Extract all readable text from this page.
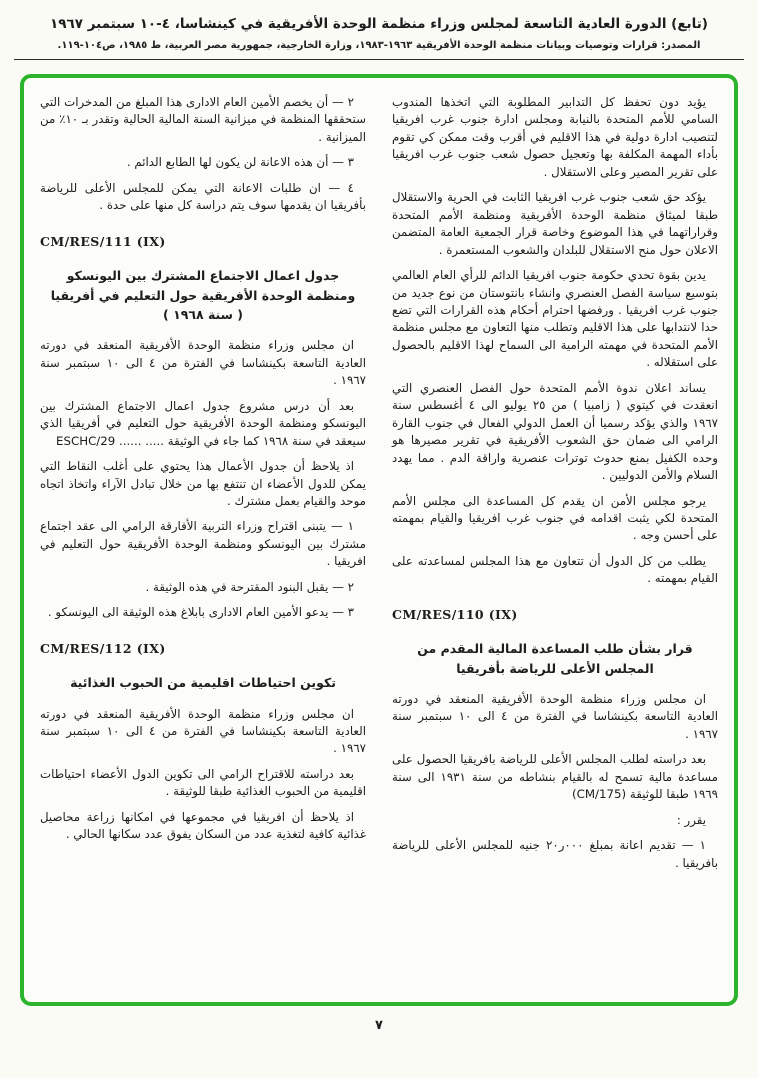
(تابع) الدورة العادية التاسعة لمجلس وزراء منظمة الوحدة الأفريقية في كينشاسا، ٤-١٠ سبتمبر ١٩٦٧
المصدر: قرارات وتوصيات وبيانات منظمة الوحدة الأفريقية ١٩٦٣-١٩٨٣، وزارة الخارجية، جمهورية مصر العربية، ط ١٩٨٥، ص١٠٤-١١٩.

يؤيد دون تحفظ كل التدابير المطلوبة التي اتخذها المندوب السامي للأمم المتحدة بالنيابة ومجلس ادارة جنوب غرب افريقيا لتنصيب ادارة دولية في هذا الاقليم في أقرب وقت ممكن كي تقوم بأداء المهمة المكلفة بها وتعجيل حصول شعب جنوب غرب افريقيا على تقرير المصير وعلى الاستقلال .

يؤكد حق شعب جنوب غرب افريقيا الثابت في الحرية والاستقلال طبقا لميثاق منظمة الوحدة الأفريقية ومنظمة الأمم المتحدة وقراراتهما في هذا الموضوع وخاصة قرار الجمعية العامة المتضمن الاعلان حول منح الاستقلال للبلدان والشعوب المستعمرة .

يدين بقوة تحدي حكومة جنوب افريقيا الدائم للرأي العام العالمي بتوسيع سياسة الفصل العنصري وانشاء بانتوستان من نوع جديد من جنوب غرب افريقيا . ورفضها احترام أحكام هذه القرارات التي تضع حدا لانتدابها على هذا الاقليم وتطلب منها التعاون مع مجلس منظمة الأمم المتحدة في مهمته الرامية الى السماح لهذا الاقليم بالحصول على استقلاله .

يساند اعلان ندوة الأمم المتحدة حول الفصل العنصري التي انعقدت في كيتوي ( زامبيا ) من ٢٥ يوليو الى ٤ أغسطس سنة ١٩٦٧ والذي يؤكد رسميا أن العمل الدولي الفعال في جنوب القارة الرامي الى ضمان حق الشعوب الأفريقية في تقرير مصيرها هو وحده الكفيل بمنع حدوث توترات عنصرية واراقة الدم . مما يهدد السلام والأمن الدوليين .

يرجو مجلس الأمن ان يقدم كل المساعدة الى مجلس الأمم المتحدة لكي يثبت اقدامه في جنوب غرب افريقيا والقيام بمهمته على أحسن وجه .

يطلب من كل الدول أن تتعاون مع هذا المجلس لمساعدته على القيام بمهمته .

CM/RES/110 (IX)
قرار بشأن طلب المساعدة المالية المقدم من المجلس الأعلى للرياضة بأفريقيا

ان مجلس وزراء منظمة الوحدة الأفريقية المنعقد في دورته العادية التاسعة بكينشاسا في الفترة من ٤ الى ١٠ سبتمبر سنة ١٩٦٧ .

بعد دراسته لطلب المجلس الأعلى للرياضة بافريقيا الحصول على مساعدة مالية تسمح له بالقيام بنشاطه من سنة ١٩٣١ الى سنة ١٩٦٩ طبقا للوثيقة (CM/175)

يقرر :

١ — تقديم اعانة بمبلغ ٠٠٠ر٢٠ جنيه للمجلس الأعلى للرياضة بافريقيا .

٢ — أن يخصم الأمين العام الادارى هذا المبلغ من المدخرات التي ستحققها المنظمة في ميزانية السنة المالية الحالية وتقدر بـ ١٠٪ من الميزانية .

٣ — أن هذه الاعانة لن يكون لها الطابع الدائم .

٤ — ان طلبات الاعانة التي يمكن للمجلس الأعلى للرياضة بأفريقيا ان يقدمها سوف يتم دراسة كل منها على حدة .

CM/RES/111 (IX)
جدول اعمال الاجتماع المشترك بين اليونسكو ومنظمة الوحدة الأفريقية حول التعليم في أفريقيا ( سنة ١٩٦٨ )

ان مجلس وزراء منظمة الوحدة الأفريقية المنعقد في دورته العادية التاسعة بكينشاسا في الفترة من ٤ الى ١٠ سبتمبر سنة ١٩٦٧ .

بعد أن درس مشروع جدول اعمال الاجتماع المشترك بين اليونسكو ومنظمة الوحدة الأفريقية حول التعليم في أفريقيا الذي سيعقد في سنة ١٩٦٨ كما جاء في الوثيقة ..... ...... ESCHC/29

اذ يلاحظ أن جدول الأعمال هذا يحتوي على أغلب النقاط التي يمكن للدول الأعضاء ان تنتفع بها من خلال تبادل الآراء واتخاذ اتجاه موحد والقيام بعمل مشترك .

١ — يتبنى اقتراح وزراء التربية الأفارقة الرامي الى عقد اجتماع مشترك بين اليونسكو ومنظمة الوحدة الأفريقية حول التعليم في افريقيا .

٢ — يقبل البنود المقترحة في هذه الوثيقة .

٣ — يدعو الأمين العام الادارى بابلاغ هذه الوثيقة الى اليونسكو .

CM/RES/112 (IX)
تكوين احتياطات اقليمية من الحبوب الغذائية

ان مجلس وزراء منظمة الوحدة الأفريقية المنعقد في دورته العادية التاسعة بكينشاسا في الفترة من ٤ الى ١٠ سبتمبر سنة ١٩٦٧ .

بعد دراسته للاقتراح الرامي الى تكوين الدول الأعضاء احتياطات اقليمية من الحبوب الغذائية طبقا للوثيقة .

اذ يلاحظ أن افريقيا في مجموعها في امكانها زراعة محاصيل غذائية كافية لتغذية عدد من السكان يفوق عدد سكانها الحالي .

٧
